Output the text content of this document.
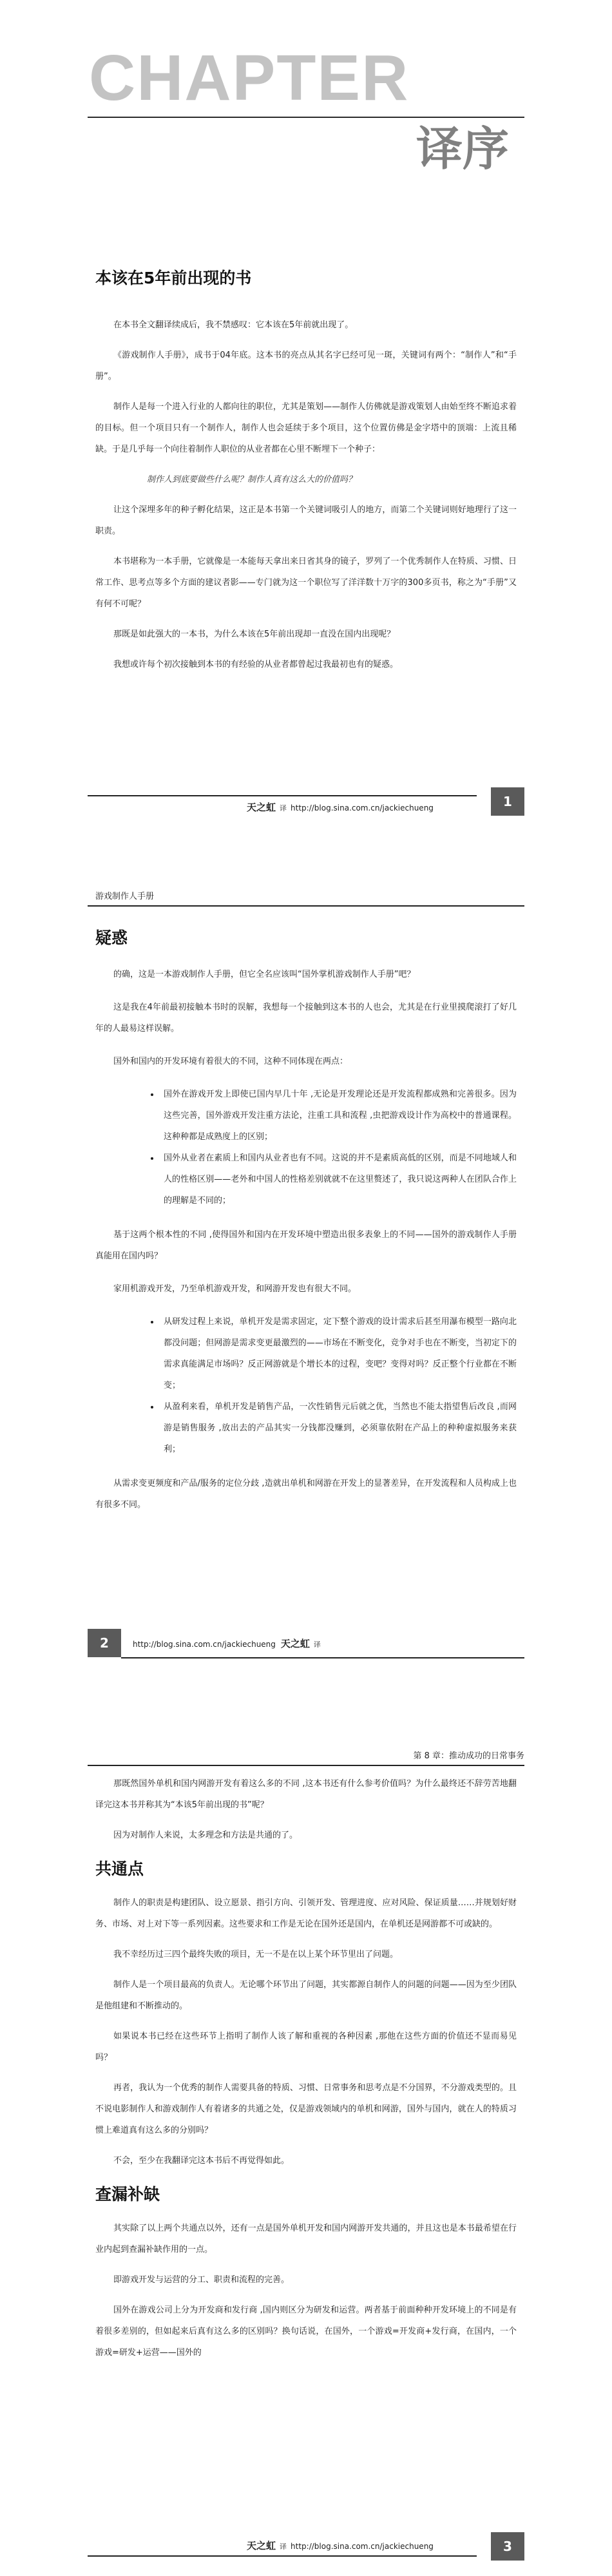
CHAPTER
译序
本该在5年前出现的书

在本书全文翻译续成后，我不禁感叹：它本该在5年前就出现了。

《游戏制作人手册》，成书于04年底。这本书的亮点从其名字已经可见一斑，关键词有两个：“制作人”和“手册”。

制作人是每一个进入行业的人都向往的职位，尤其是策划——制作人仿佛就是游戏策划人由始至终不断追求着的目标。但一个项目只有一个制作人，制作人也会延续于多个项目，这个位置仿佛是金字塔中的顶端：上流且稀缺。于是几乎每一个向往着制作人职位的从业者都在心里不断埋下一个种子：

制作人到底要做些什么呢？制作人真有这么大的价值吗？

让这个深埋多年的种子孵化结果，这正是本书第一个关键词吸引人的地方，而第二个关键词则好地理行了这一职责。

本书堪称为一本手册，它就像是一本能每天拿出来日省其身的镜子，罗列了一个优秀制作人在特质、习惯、日常工作、思考点等多个方面的建议者影——专门就为这一个职位写了洋洋数十万字的300多页书，称之为“手册”又有何不可呢？

那既是如此强大的一本书，为什么本该在5年前出现却一直没在国内出现呢？

我想或许每个初次接触到本书的有经验的从业者都曾起过我最初也有的疑惑。

天之虹 译 http://blog.sina.com.cn/jackiechueng	1
游戏制作人手册
疑惑

的确，这是一本游戏制作人手册，但它全名应该叫“国外掌机游戏制作人手册”吧？

这是我在4年前最初接触本书时的误解，我想每一个接触到这本书的人也会，尤其是在行业里摸爬滚打了好几年的人最易这样误解。

国外和国内的开发环境有着很大的不同，这种不同体现在两点：

• 国外在游戏开发上即使已国内早几十年 ,无论是开发理论还是开发流程都成熟和完善很多。因为这些完善，国外游戏开发注重方法论，注重工具和流程 ,虫把游戏设计作为高校中的普通课程。这种种都是成熟度上的区别；
• 国外从业者在素质上和国内从业者也有不同。这说的并不是素质高低的区别，而是不同地域人和人的性格区别——老外和中国人的性格差别就就不在这里赘述了，我只说这两种人在团队合作上的理解是不同的；

基于这两个根本性的不同 ,使得国外和国内在开发环境中塑造出很多表象上的不同——国外的游戏制作人手册真能用在国内吗？

家用机游戏开发，乃至单机游戏开发，和网游开发也有很大不同。

• 从研发过程上来说，单机开发是需求固定，定下整个游戏的设计需求后甚至用瀑布模型一路向北都没问题；但网游是需求变更最激烈的——市场在不断变化，竞争对手也在不断变，当初定下的需求真能满足市场吗？反正网游就是个增长本的过程，变吧？变得对吗？反正整个行业都在不断变；
• 从盈利来看，单机开发是销售产品，一次性销售元后就之优，当然也不能太指望售后改良 ,而网游是销售服务 ,放出去的产品其实一分钱都没赚到，必须靠依附在产品上的种种虚拟服务来获利；

从需求变更频度和产品/服务的定位分歧 ,造就出单机和网游在开发上的显著差异，在开发流程和人员构成上也有很多不同。

2	http://blog.sina.com.cn/jackiechueng 天之虹 译
第 8 章：推动成功的日常事务

那既然国外单机和国内网游开发有着这么多的不同 ,这本书还有什么参考价值吗？为什么最终还不辞劳苦地翻译完这本书并称其为“本该5年前出现的书”呢？

因为对制作人来说，太多理念和方法是共通的了。

共通点

制作人的职责是构建团队、设立愿景、指引方向、引领开发、管理进度、应对风险、保证质量……并规划好财务、市场、对上对下等一系列因素。这些要求和工作是无论在国外还是国内，在单机还是网游都不可或缺的。

我不幸经历过三四个最终失败的项目，无一不是在以上某个环节里出了问题。

制作人是一个项目最高的负责人。无论哪个环节出了问题，其实都源自制作人的问题的问题——因为至少团队是他组建和不断推动的。

如果说本书已经在这些环节上指明了制作人该了解和重视的各种因素 ,那他在这些方面的价值还不显而易见吗？

再者，我认为一个优秀的制作人需要具备的特质、习惯、日常事务和思考点是不分国界，不分游戏类型的。且不说电影制作人和游戏制作人有着诸多的共通之处，仅是游戏领域内的单机和网游，国外与国内，就在人的特质习惯上难道真有这么多的分别吗？

不会，至少在我翻译完这本书后不再觉得如此。

查漏补缺

其实除了以上两个共通点以外，还有一点是国外单机开发和国内网游开发共通的，并且这也是本书最希望在行业内起到查漏补缺作用的一点。

即游戏开发与运营的分工、职责和流程的完善。

国外在游戏公司上分为开发商和发行商 ,国内则区分为研发和运营。两者基于前面种种开发环境上的不同是有着很多差别的，但如起来后真有这么多的区别吗？换句话说，在国外，一个游戏=开发商+发行商，在国内，一个游戏=研发+运营——国外的

天之虹 译 http://blog.sina.com.cn/jackiechueng	3
